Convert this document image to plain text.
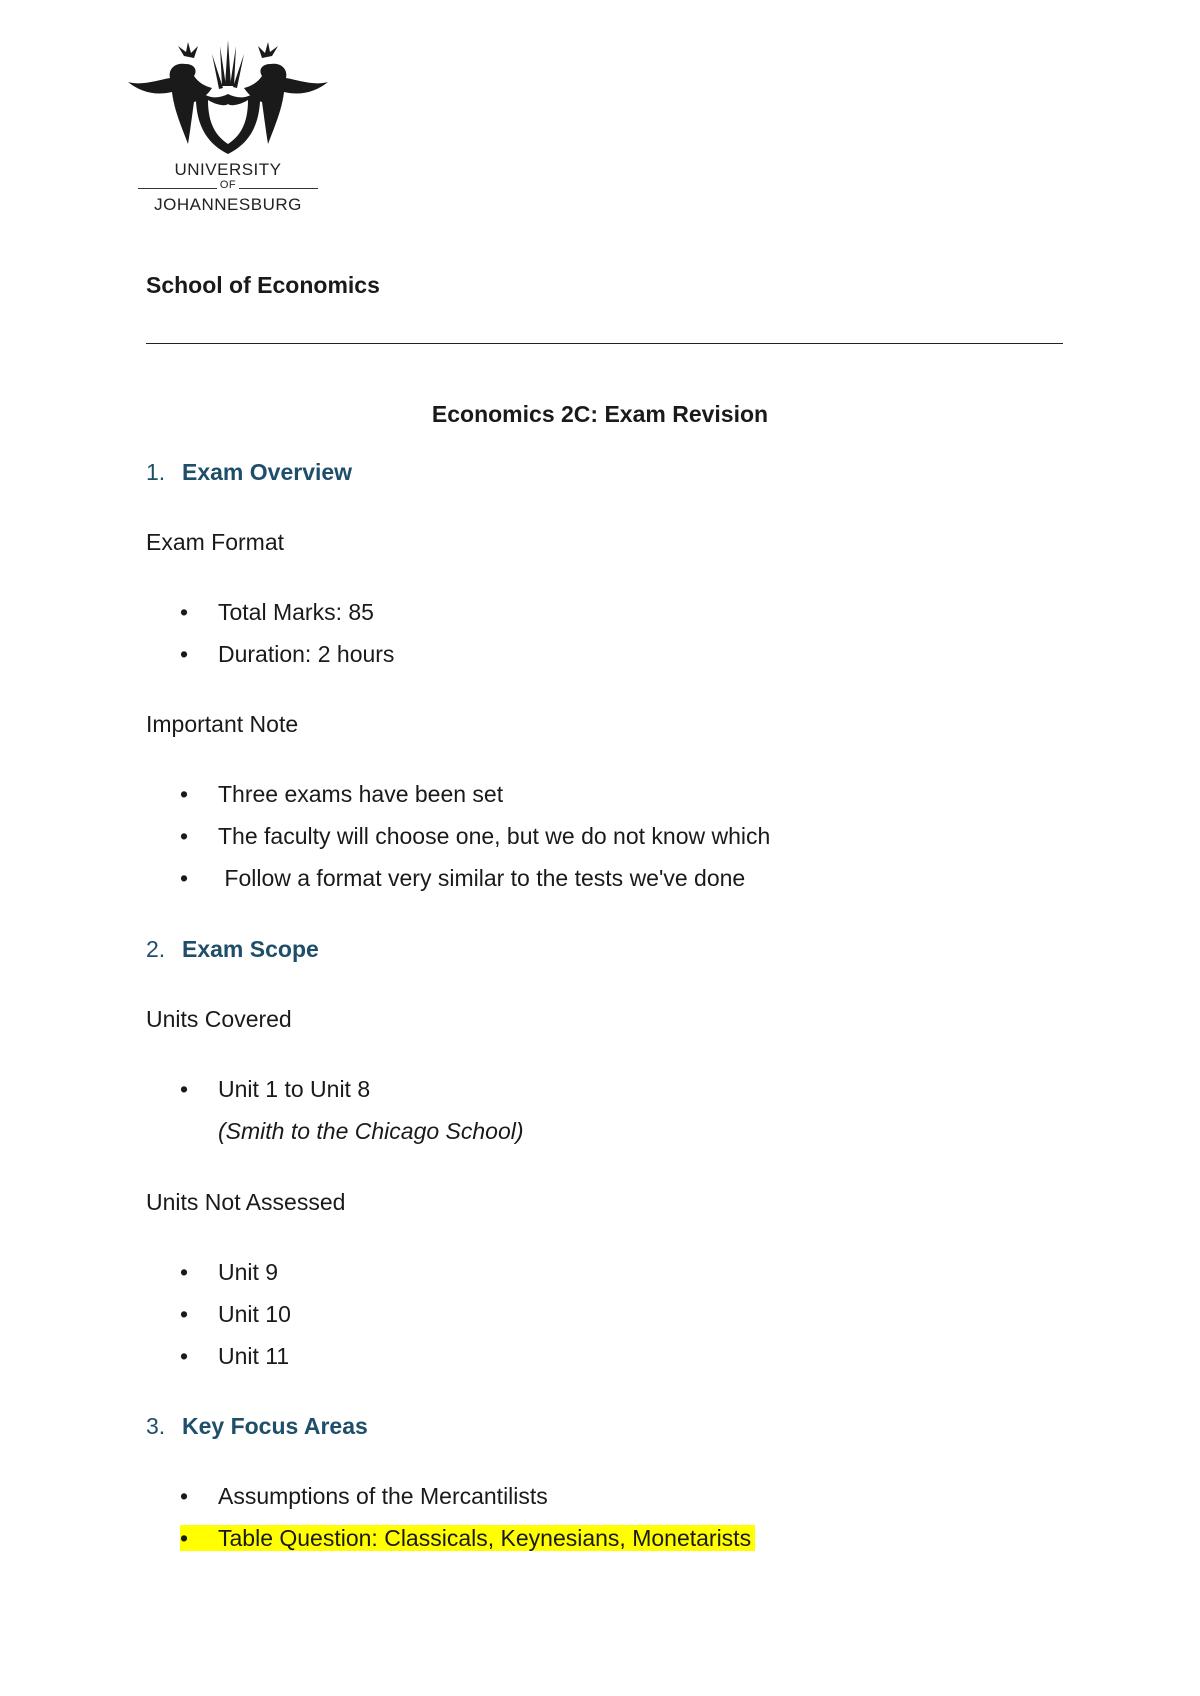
UNIVERSITY
OF
JOHANNESBURG
School of Economics
Economics 2C: Exam Revision
1. Exam Overview
Exam Format
• Total Marks: 85
• Duration: 2 hours
Important Note
• Three exams have been set
• The faculty will choose one, but we do not know which
• Follow a format very similar to the tests we've done
2. Exam Scope
Units Covered
• Unit 1 to Unit 8
(Smith to the Chicago School)
Units Not Assessed
• Unit 9
• Unit 10
• Unit 11
3. Key Focus Areas
• Assumptions of the Mercantilists
• Table Question: Classicals, Keynesians, Monetarists
